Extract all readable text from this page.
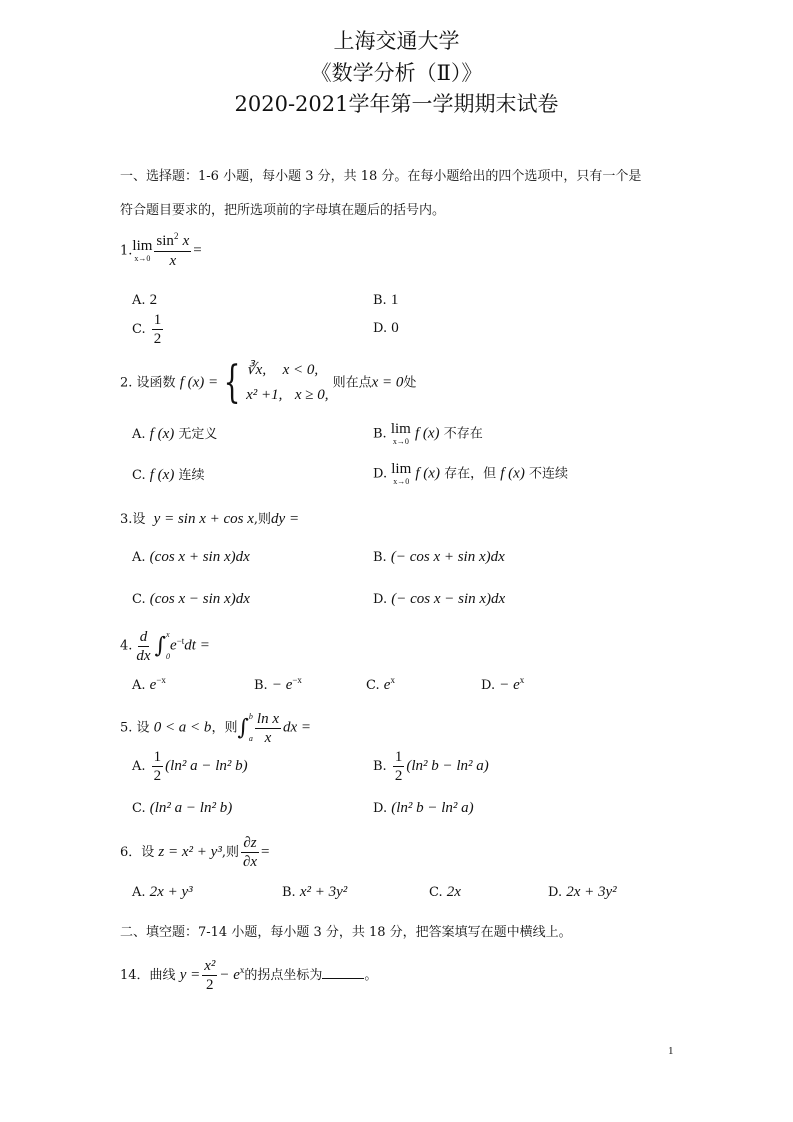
上海交通大学
《数学分析（Ⅱ）》
2020-2021学年第一学期期末试卷
一、选择题：1-6 小题，每小题 3 分，共 18 分。在每小题给出的四个选项中，只有一个是
符合题目要求的，把所选项前的字母填在题后的括号内。
1. lim
$x\to 0 \frac{\sin^2 x}{x}$ =
A. 2	B. 1
C. $\frac{1}{2}$	D. 0
2. 设函数 f (x) = { ∛x, x < 0,
x² +1, x ≥ 0,
则在点x = 0处
A. f (x) 无定义	B. lim
x→0 f (x) 不存在
C. f (x) 连续	D. lim
x→0 f (x) 存在，但 f (x) 不连续
3.设 y = sin x + cos x,则dy =
A. (cos x + sin x)dx	B. (− cos x + sin x)dx
C. (cos x − sin x)dx	D. (− cos x − sin x)dx
4. $\frac{d}{dx}$ ∫ x
0
$e^{-t}dt$ =
A. $e^{-x}$	B. − $e^{-x}$	C. $e^x$	D. − $e^x$
5. 设 0 < a < b，则∫ b
a $\frac{\text{ln x}}{x}$ dx =
A. $\frac{1}{2} (\ln^2$ a − ln² b)	B. $\frac{1}{2} (\ln^2$ b − ln² a)
C. (ln² a − ln² b)	D. (ln² b − ln² a)
6．设 z = x² + y³,则 $\frac{\partial z}{\partial x}$ =
A. 2x + y³	B. x² + 3y²	C. 2x	D. 2x + 3y²
二、填空题：7-14 小题，每小题 3 分，共 18 分，把答案填写在题中横线上。
14．曲线 $y = \frac{\text{x²}}{2} - e^x$的拐点坐标为	。
1
